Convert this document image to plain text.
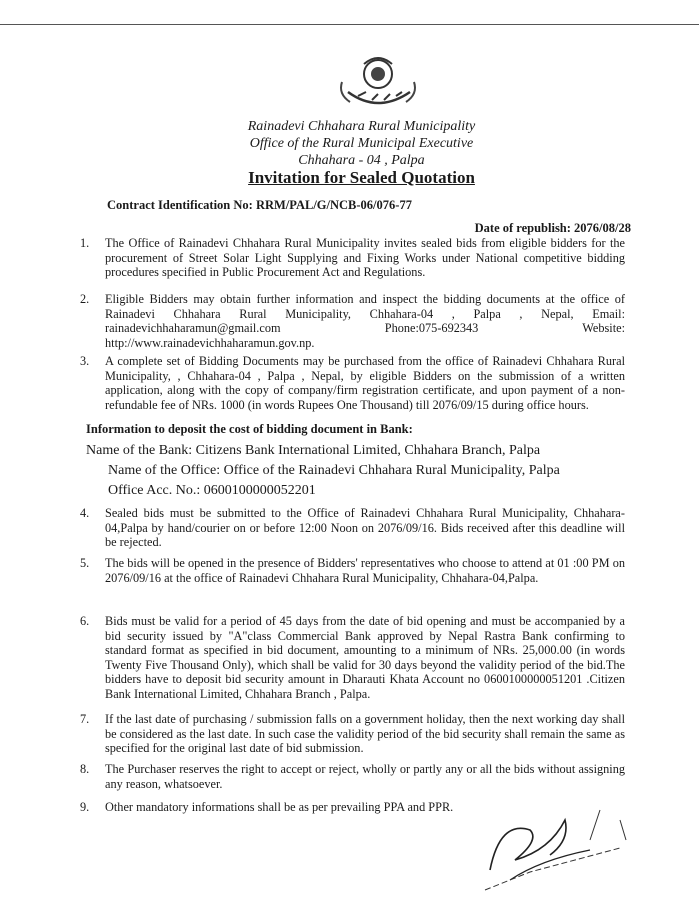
Rainadevi Chhahara Rural Municipality
Office of the Rural Municipal Executive
Chhahara - 04 , Palpa
Invitation for Sealed Quotation
Contract Identification No: RRM/PAL/G/NCB-06/076-77
Date of republish: 2076/08/28
1.	The Office of Rainadevi Chhahara Rural Municipality invites sealed bids from eligible bidders for the procurement of Street Solar Light Supplying and Fixing Works under National competitive bidding procedures specified in Public Procurement Act and Regulations.
2.	Eligible Bidders may obtain further information and inspect the bidding documents at the office of Rainadevi Chhahara Rural Municipality, Chhahara-04 , Palpa , Nepal, Email: rainadevichhaharamun@gmail.com Phone:075-692343 Website: http://www.rainadevichhaharamun.gov.np.
3.	A complete set of Bidding Documents may be purchased from the office of Rainadevi Chhahara Rural Municipality, , Chhahara-04 , Palpa , Nepal, by eligible Bidders on the submission of a written application, along with the copy of company/firm registration certificate, and upon payment of a non-refundable fee of NRs. 1000 (in words Rupees One Thousand) till 2076/09/15 during office hours.
Information to deposit the cost of bidding document in Bank:
Name of the Bank: Citizens Bank International Limited, Chhahara Branch, Palpa
Name of the Office: Office of the Rainadevi Chhahara Rural Municipality, Palpa
Office Acc. No.: 0600100000052201
4.	Sealed bids must be submitted to the Office of Rainadevi Chhahara Rural Municipality, Chhahara-04,Palpa by hand/courier on or before 12:00 Noon on 2076/09/16. Bids received after this deadline will be rejected.
5.	The bids will be opened in the presence of Bidders' representatives who choose to attend at 01 :00 PM on 2076/09/16 at the office of Rainadevi Chhahara Rural Municipality, Chhahara-04,Palpa.
6.	Bids must be valid for a period of 45 days from the date of bid opening and must be accompanied by a bid security issued by "A"class Commercial Bank approved by Nepal Rastra Bank confirming to standard format as specified in bid document, amounting to a minimum of NRs. 25,000.00 (in words Twenty Five Thousand Only), which shall be valid for 30 days beyond the validity period of the bid.The bidders have to deposit bid security amount in Dharauti Khata Account no 0600100000051201 .Citizen Bank International Limited, Chhahara Branch , Palpa.
7.	If the last date of purchasing / submission falls on a government holiday, then the next working day shall be considered as the last date. In such case the validity period of the bid security shall remain the same as specified for the original last date of bid submission.
8.	The Purchaser reserves the right to accept or reject, wholly or partly any or all the bids without assigning any reason, whatsoever.
9.	Other mandatory informations shall be as per prevailing PPA and PPR.
